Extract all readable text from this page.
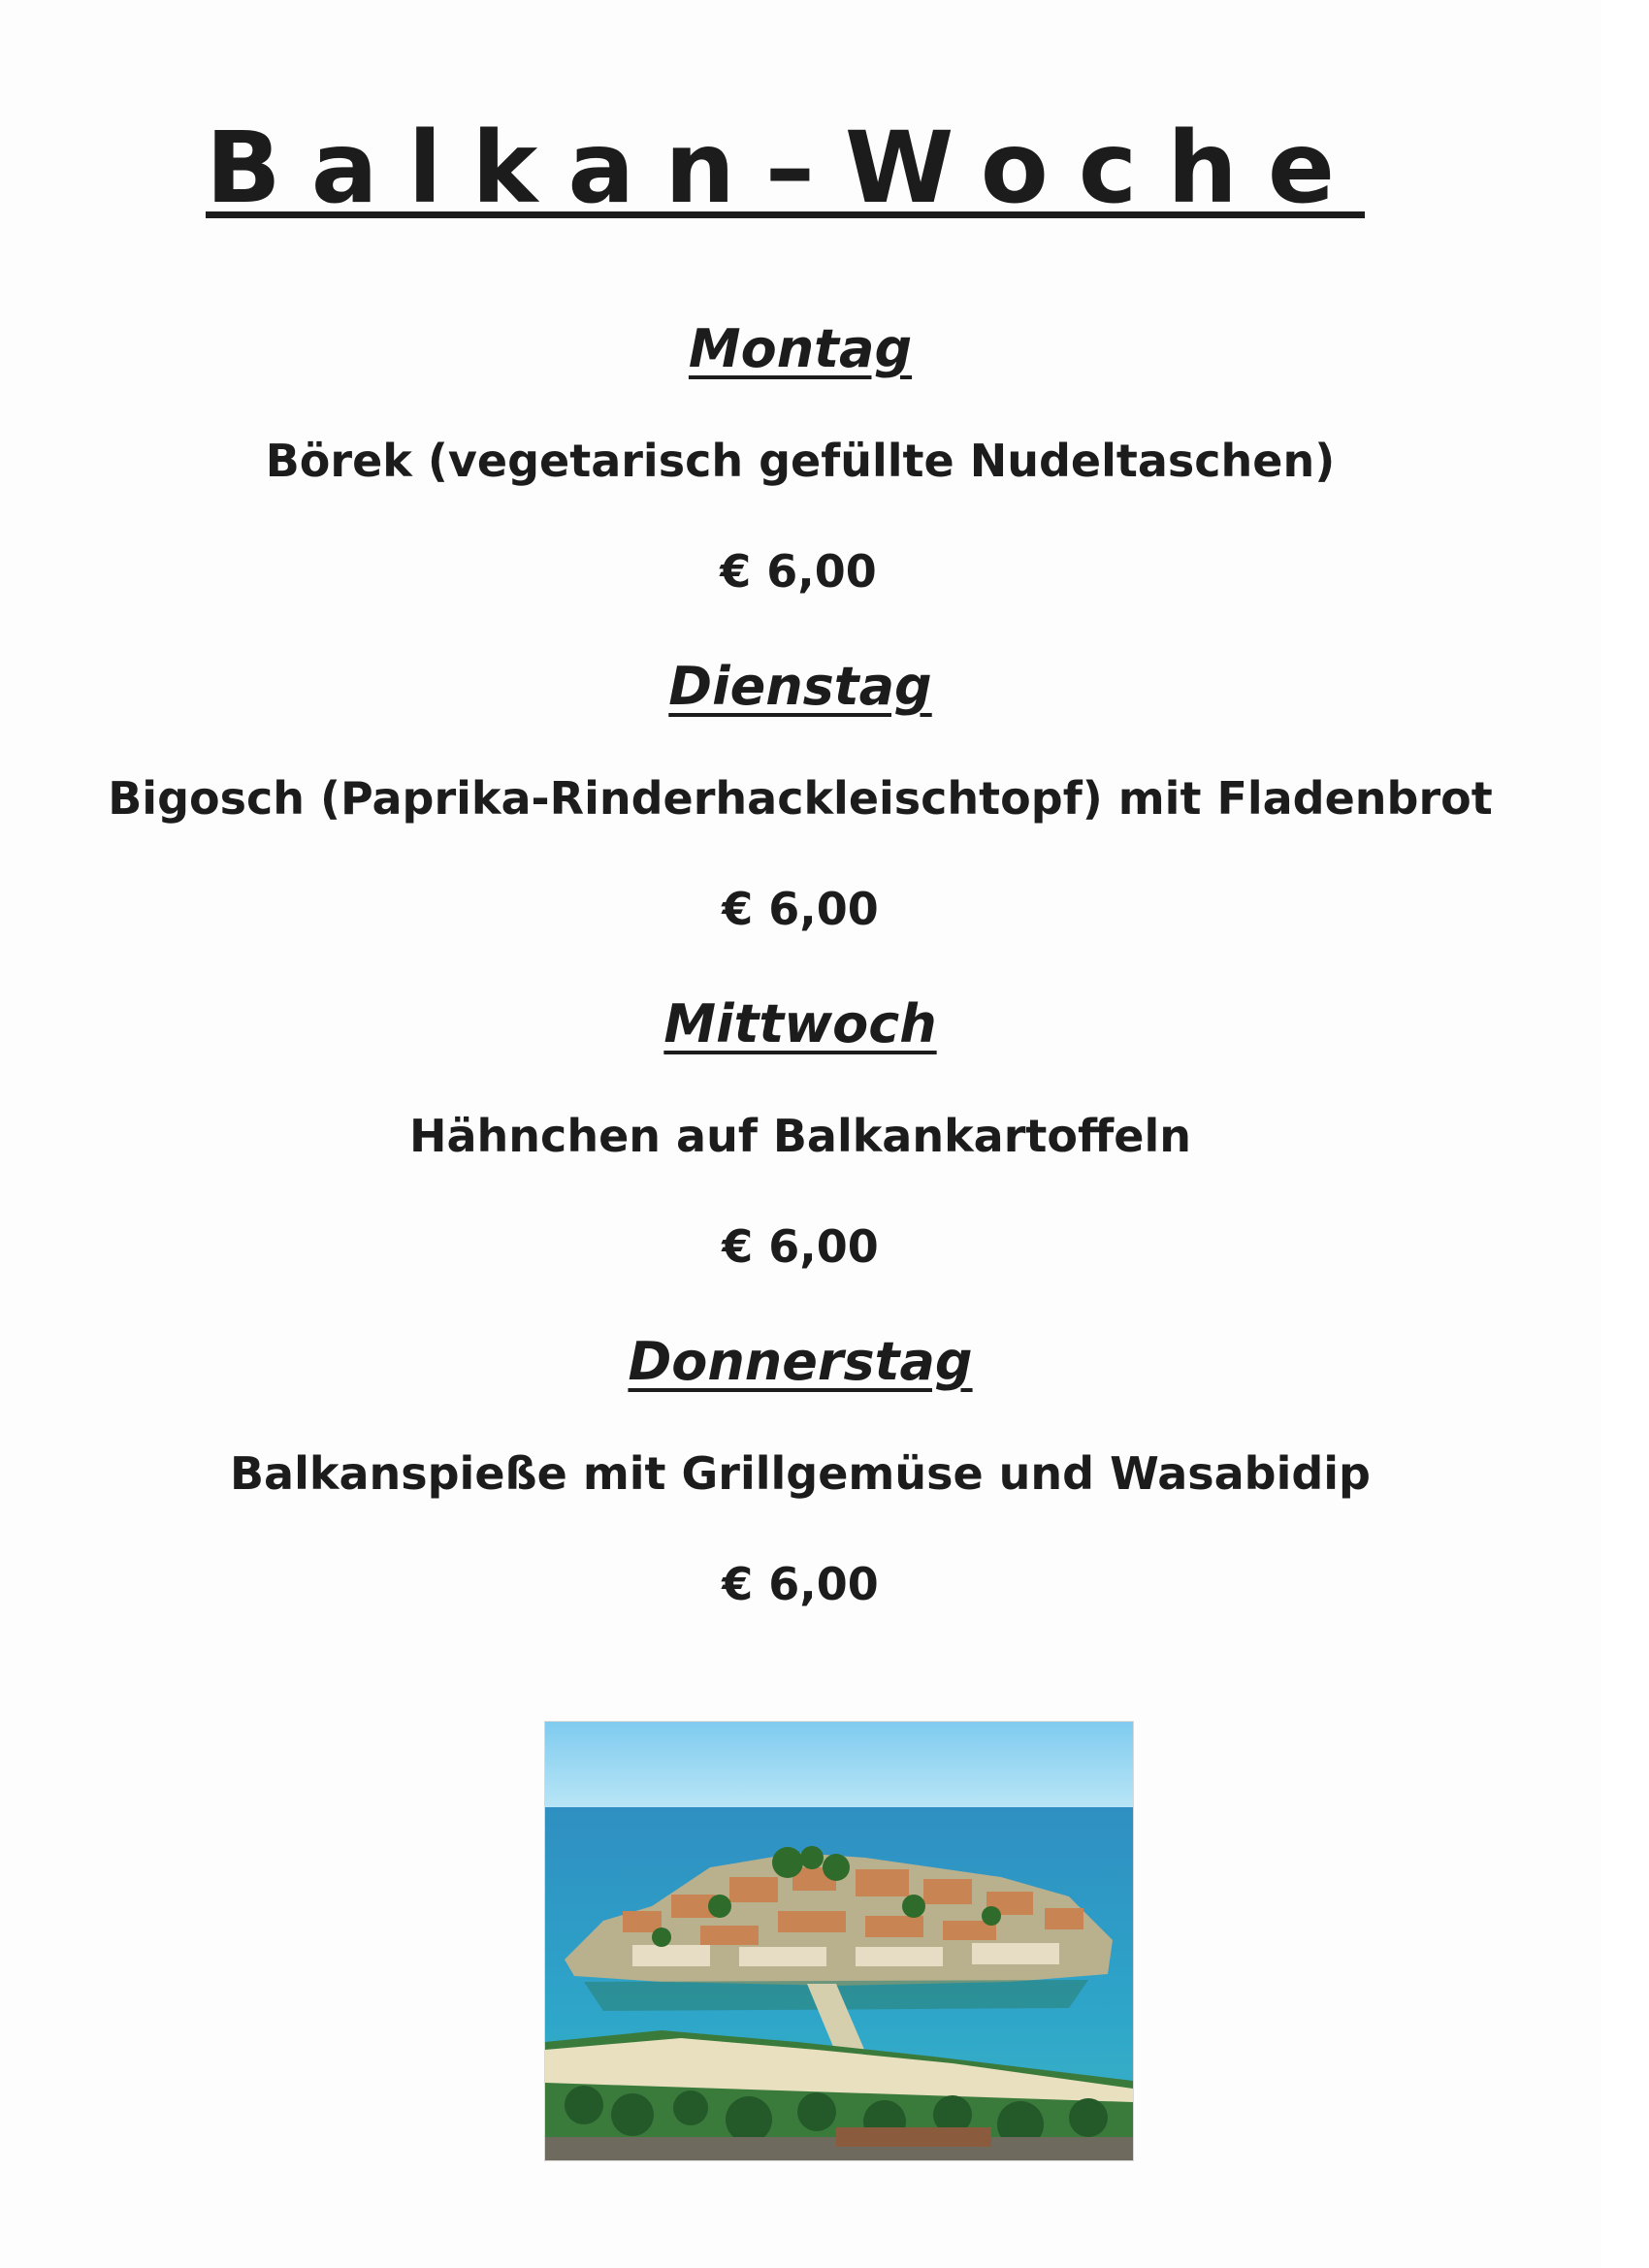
Balkan–Woche
Montag
Börek (vegetarisch gefüllte Nudeltaschen)
€ 6,00
Dienstag
Bigosch (Paprika-Rinderhackleischtopf) mit Fladenbrot
€ 6,00
Mittwoch
Hähnchen auf Balkankartoffeln
€ 6,00
Donnerstag
Balkanspieße mit Grillgemüse und Wasabidip
€ 6,00
